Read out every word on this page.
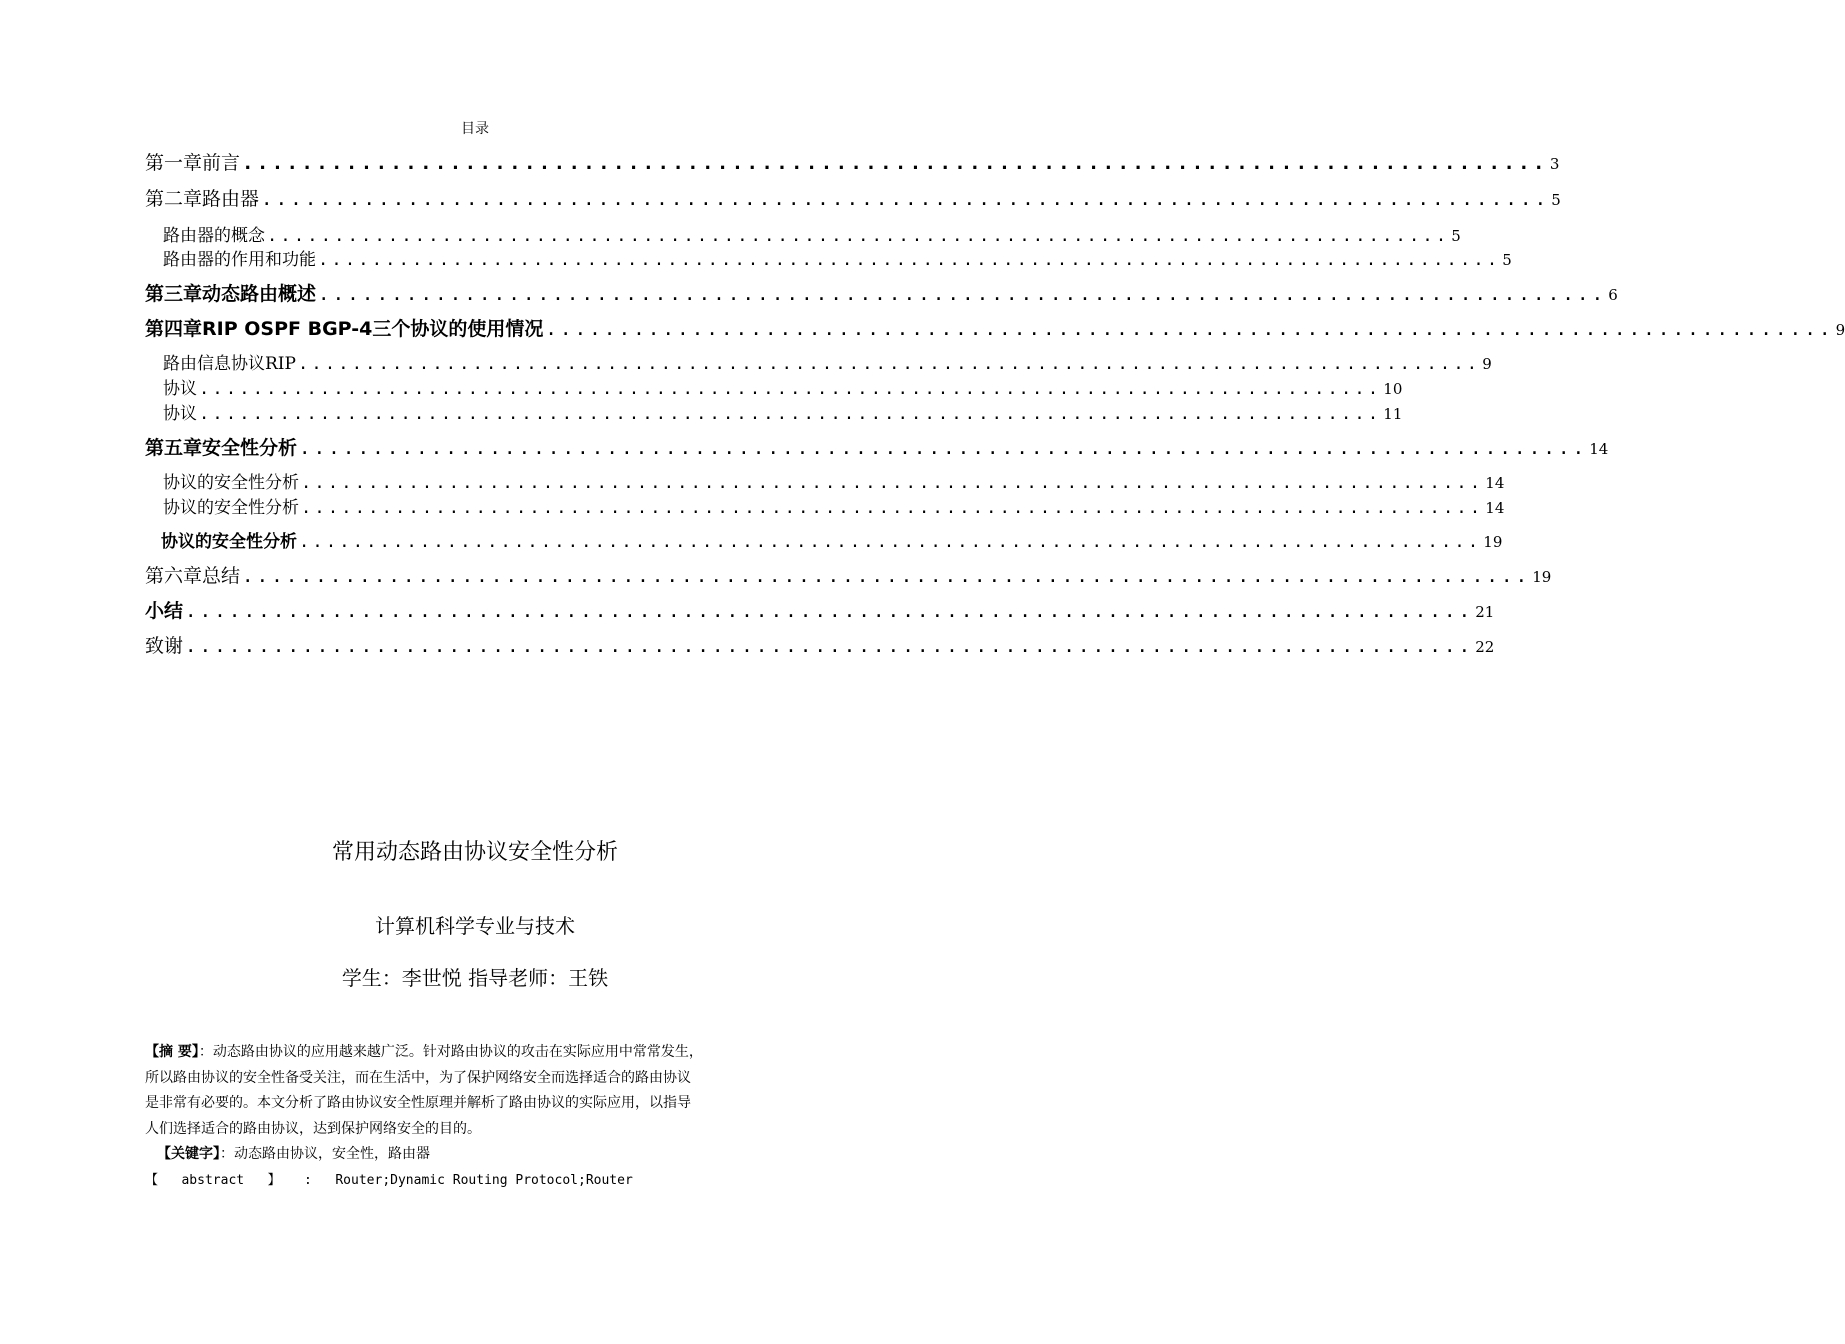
目录
第一章前言 ........................................................................................ 3
第二章路由器 ........................................................................................ 5
路由器的概念 ........................................................................................ 5
路由器的作用和功能 ........................................................................................ 5
第三章动态路由概述 ........................................................................................ 6
第四章RIP OSPF BGP-4三个协议的使用情况 ........................................................................................ 9
路由信息协议RIP ........................................................................................ 9
协议 ........................................................................................ 10
协议 ........................................................................................ 11
第五章安全性分析 ........................................................................................ 14
协议的安全性分析 ........................................................................................ 14
协议的安全性分析 ........................................................................................ 14
协议的安全性分析 ........................................................................................ 19
第六章总结 ........................................................................................ 19
小结 ........................................................................................ 21
致谢 ........................................................................................ 22
常用动态路由协议安全性分析
计算机科学专业与技术
学生：李世悦 指导老师：王铁

【摘 要】：动态路由协议的应用越来越广泛。针对路由协议的攻击在实际应用中常常发生，

所以路由协议的安全性备受关注，而在生活中，为了保护网络安全而选择适合的路由协议

是非常有必要的。本文分析了路由协议安全性原理并解析了路由协议的实际应用，以指导

人们选择适合的路由协议，达到保护网络安全的目的。

【关键字】：动态路由协议，安全性，路由器

【   abstract   】   :   Router;Dynamic Routing Protocol;Router
